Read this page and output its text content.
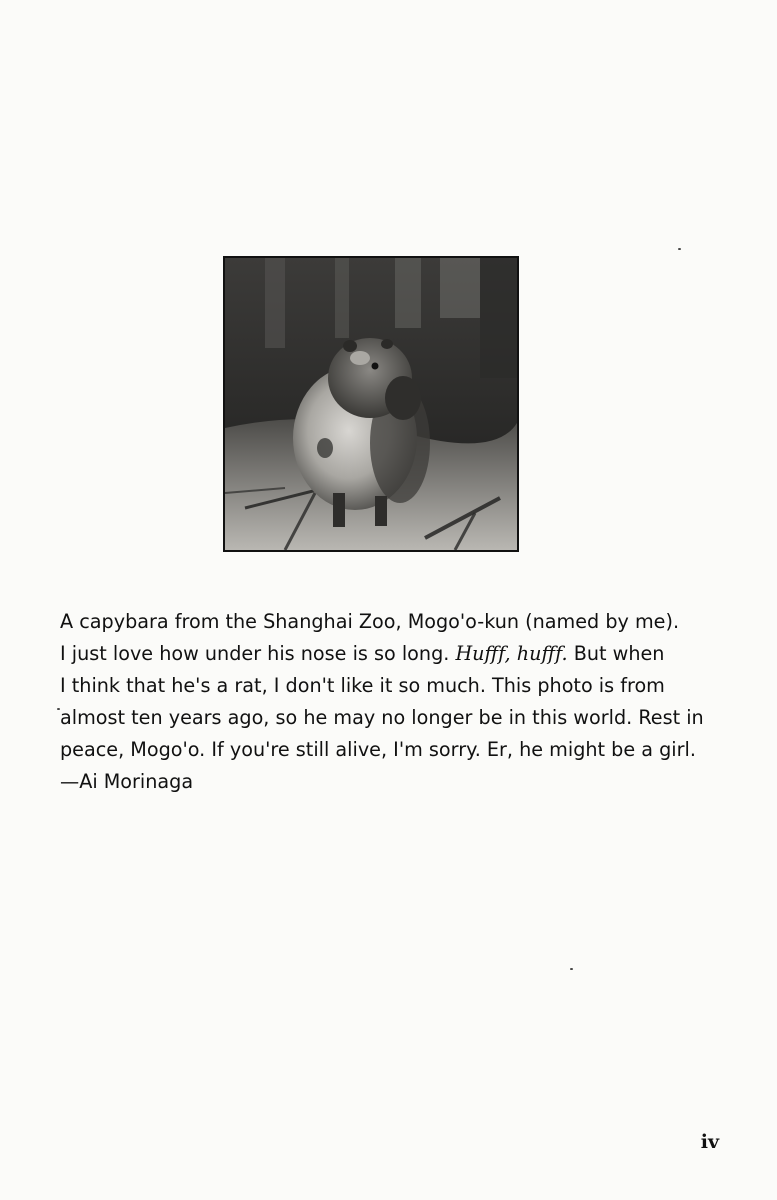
A capybara from the Shanghai Zoo, Mogo'o-kun (named by me).
I just love how under his nose is so long. Hufff, hufff. But when
I think that he's a rat, I don't like it so much. This photo is from
almost ten years ago, so he may no longer be in this world. Rest in
peace, Mogo'o. If you're still alive, I'm sorry. Er, he might be a girl.
—Ai Morinaga
iv
